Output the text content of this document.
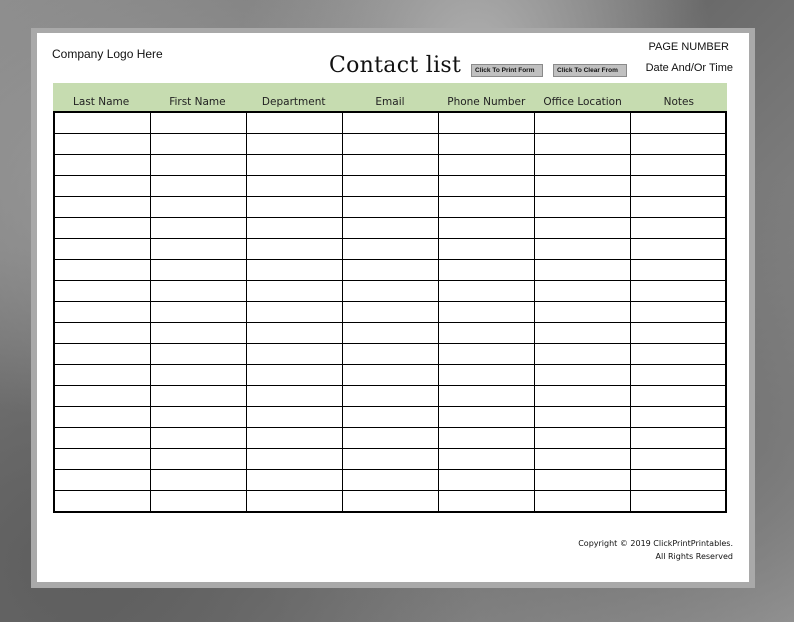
Company Logo Here	Contact list	Click To Print Form	Click To Clear From
PAGE NUMBER
Date And/Or Time
Last Name	First Name	Department	Email	Phone Number	Office Location	Notes

Copyright © 2019 ClickPrintPrintables.
All Rights Reserved
